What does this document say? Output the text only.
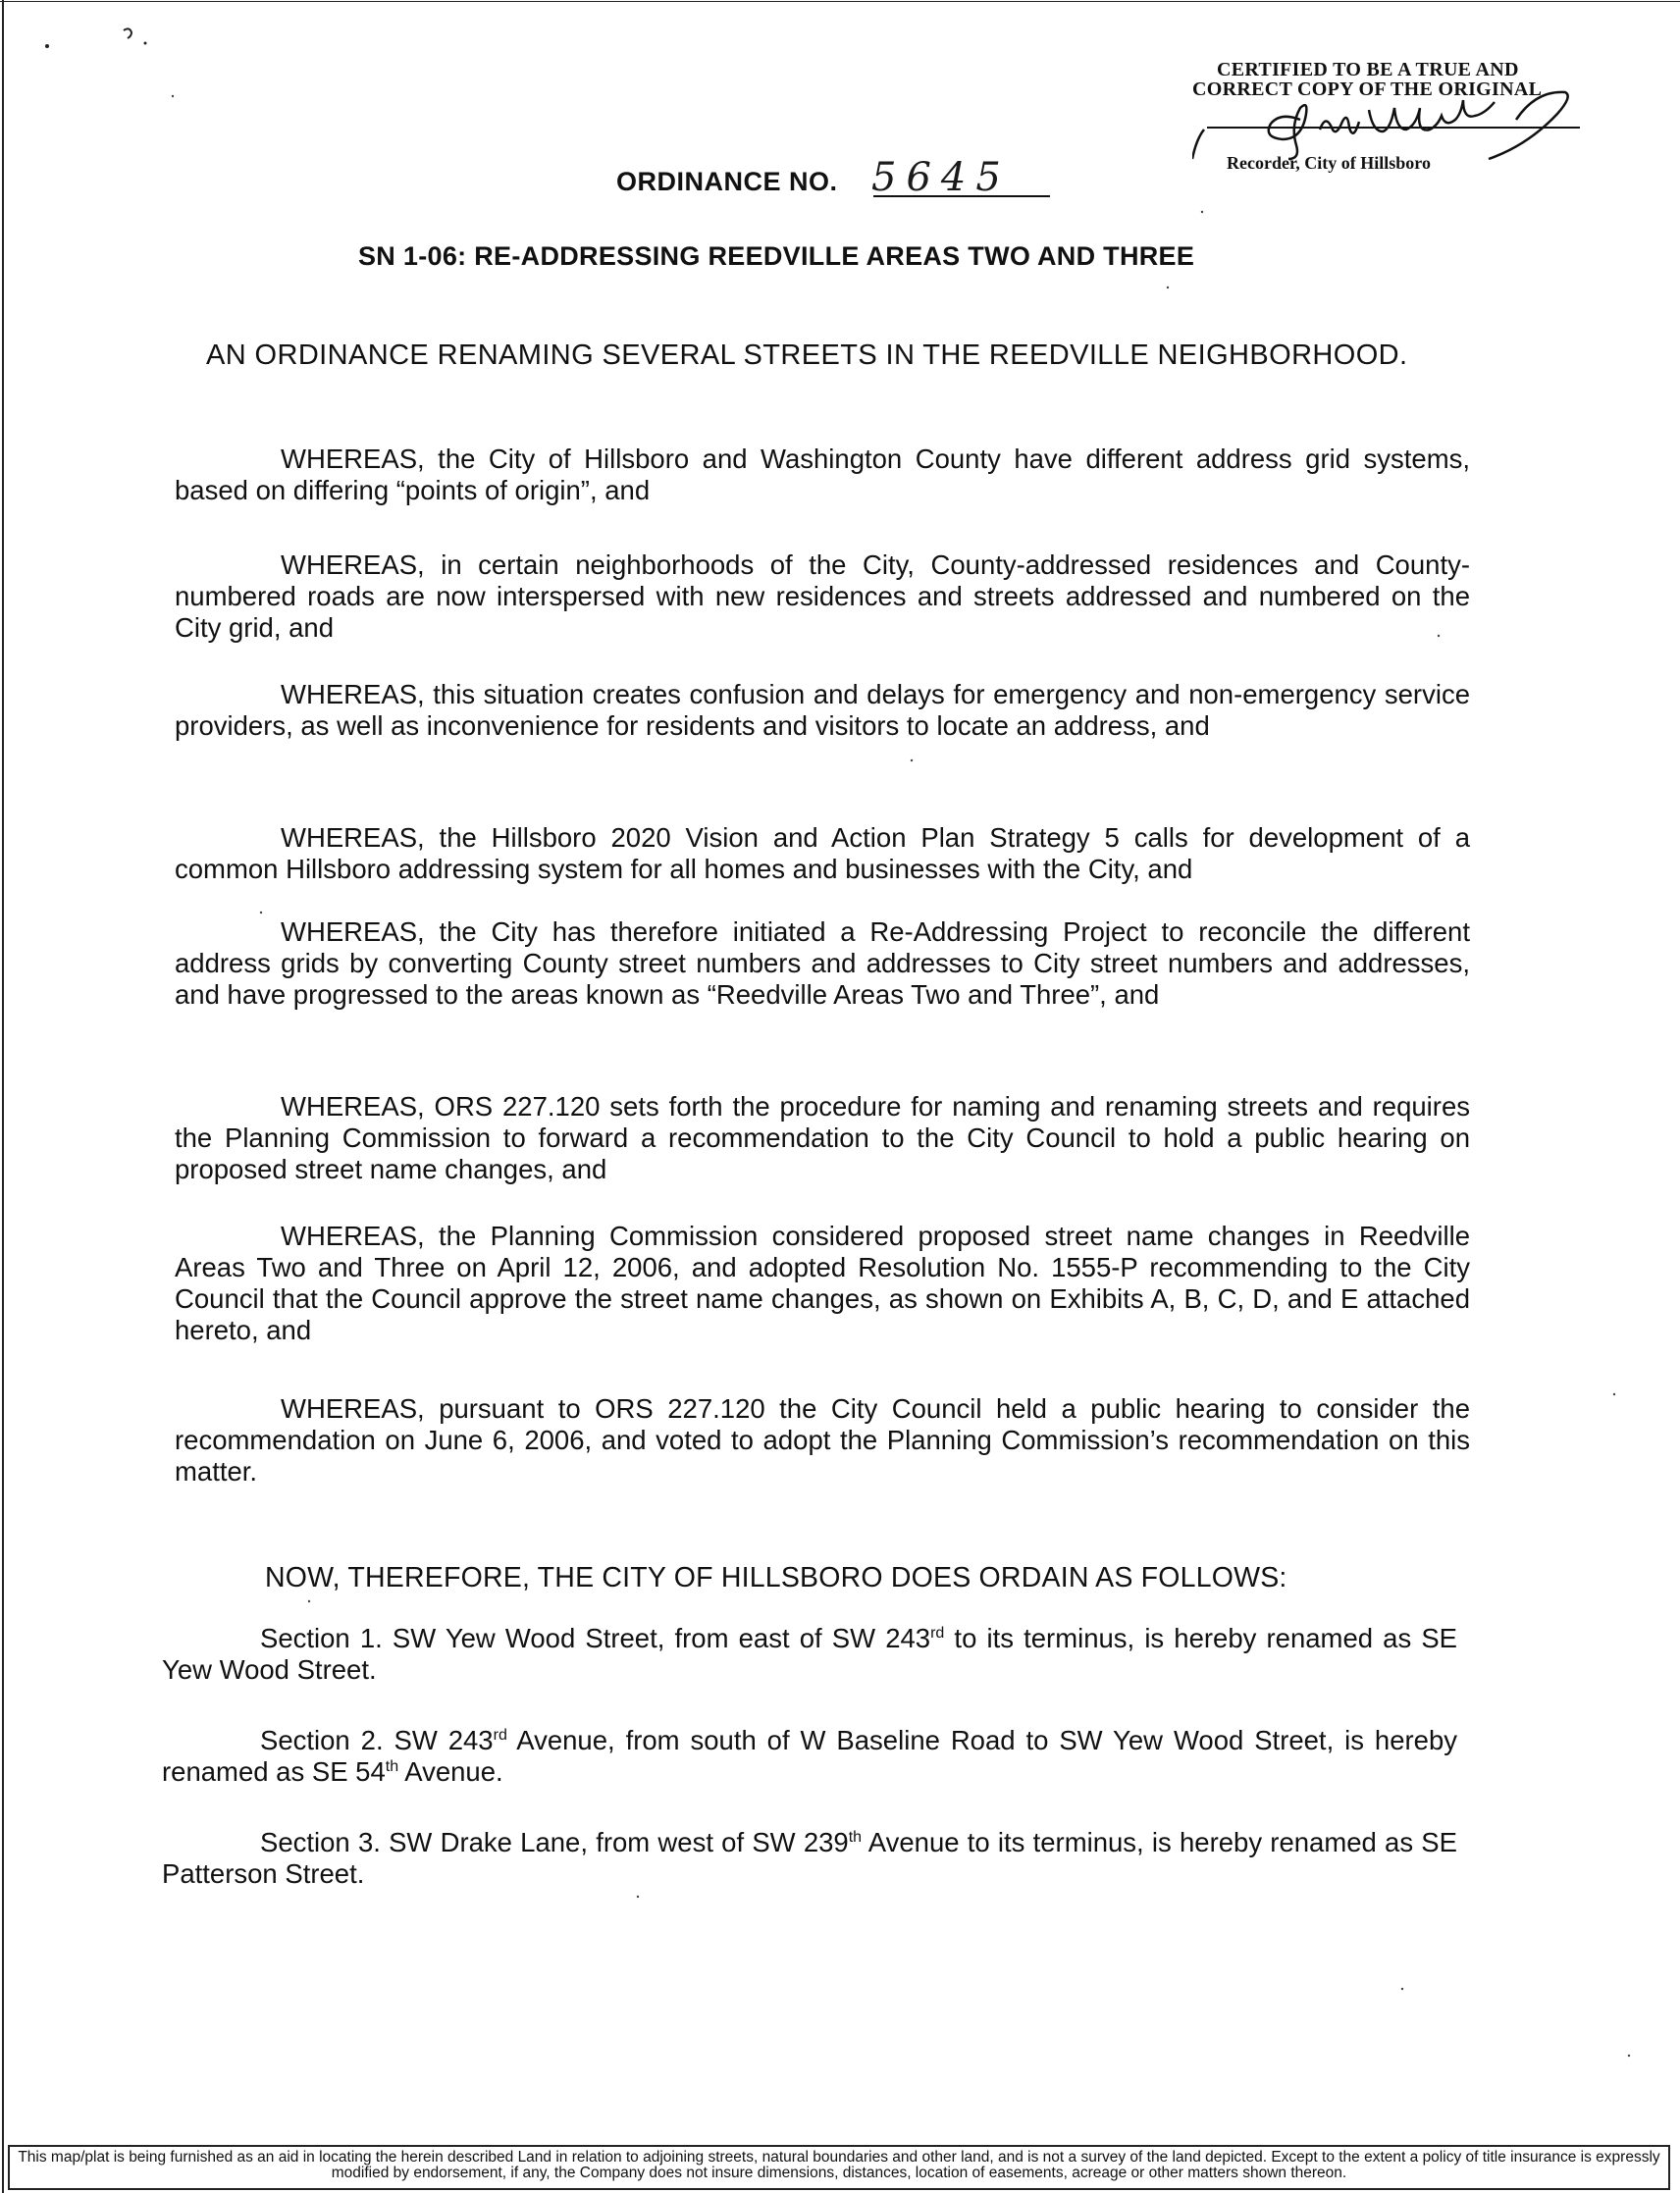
CERTIFIED TO BE A TRUE AND
CORRECT COPY OF THE ORIGINAL
Recorder, City of Hillsboro
ORDINANCE NO. 5645
SN 1-06: RE-ADDRESSING REEDVILLE AREAS TWO AND THREE
AN ORDINANCE RENAMING SEVERAL STREETS IN THE REEDVILLE NEIGHBORHOOD.

WHEREAS, the City of Hillsboro and Washington County have different address grid systems, based on differing “points of origin”, and

WHEREAS, in certain neighborhoods of the City, County-addressed residences and County-numbered roads are now interspersed with new residences and streets addressed and numbered on the City grid, and

WHEREAS, this situation creates confusion and delays for emergency and non-emergency service providers, as well as inconvenience for residents and visitors to locate an address, and

WHEREAS, the Hillsboro 2020 Vision and Action Plan Strategy 5 calls for development of a common Hillsboro addressing system for all homes and businesses with the City, and

WHEREAS, the City has therefore initiated a Re-Addressing Project to reconcile the different address grids by converting County street numbers and addresses to City street numbers and addresses, and have progressed to the areas known as “Reedville Areas Two and Three”, and

WHEREAS, ORS 227.120 sets forth the procedure for naming and renaming streets and requires the Planning Commission to forward a recommendation to the City Council to hold a public hearing on proposed street name changes, and

WHEREAS, the Planning Commission considered proposed street name changes in Reedville Areas Two and Three on April 12, 2006, and adopted Resolution No. 1555-P recommending to the City Council that the Council approve the street name changes, as shown on Exhibits A, B, C, D, and E attached hereto, and

WHEREAS, pursuant to ORS 227.120 the City Council held a public hearing to consider the recommendation on June 6, 2006, and voted to adopt the Planning Commission’s recommendation on this matter.

NOW, THEREFORE, THE CITY OF HILLSBORO DOES ORDAIN AS FOLLOWS:

Section 1. SW Yew Wood Street, from east of SW 243rd to its terminus, is hereby renamed as SE Yew Wood Street.

Section 2. SW 243rd Avenue, from south of W Baseline Road to SW Yew Wood Street, is hereby renamed as SE 54th Avenue.

Section 3. SW Drake Lane, from west of SW 239th Avenue to its terminus, is hereby renamed as SE Patterson Street.

This map/plat is being furnished as an aid in locating the herein described Land in relation to adjoining streets, natural boundaries and other land, and is not a survey of the land depicted. Except to the extent a policy of title insurance is expressly modified by endorsement, if any, the Company does not insure dimensions, distances, location of easements, acreage or other matters shown thereon.
